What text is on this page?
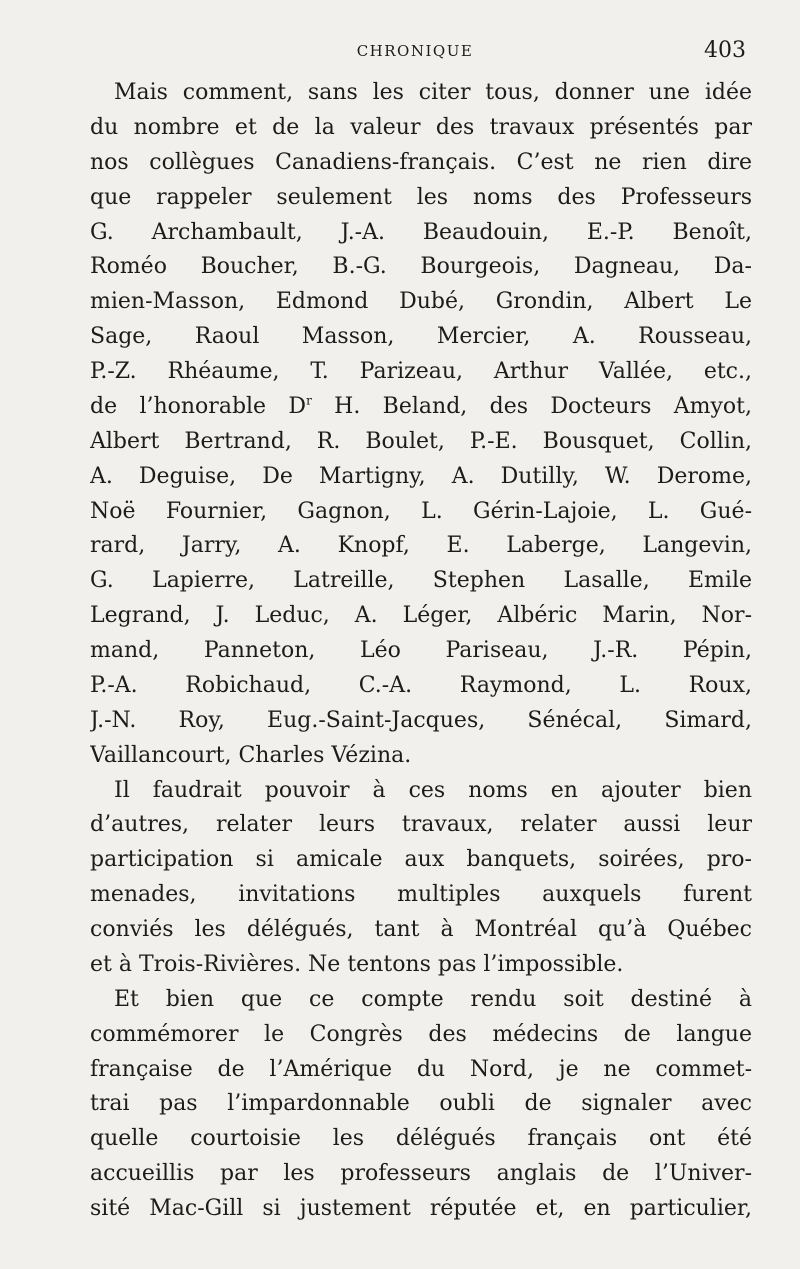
CHRONIQUE	403
Mais comment, sans les citer tous, donner une idée
du nombre et de la valeur des travaux présentés par
nos collègues Canadiens-français. C’est ne rien dire
que rappeler seulement les noms des Professeurs
G. Archambault, J.-A. Beaudouin, E.-P. Benoît,
Roméo Boucher, B.-G. Bourgeois, Dagneau, Da-
mien-Masson, Edmond Dubé, Grondin, Albert Le
Sage, Raoul Masson, Mercier, A. Rousseau,
P.-Z. Rhéaume, T. Parizeau, Arthur Vallée, etc.,
de l’honorable $D^r$ H. Beland, des Docteurs Amyot,
Albert Bertrand, R. Boulet, P.-E. Bousquet, Collin,
A. Deguise, De Martigny, A. Dutilly, W. Derome,
Noë Fournier, Gagnon, L. Gérin-Lajoie, L. Gué-
rard, Jarry, A. Knopf, E. Laberge, Langevin,
G. Lapierre, Latreille, Stephen Lasalle, Emile
Legrand, J. Leduc, A. Léger, Albéric Marin, Nor-
mand, Panneton, Léo Pariseau, J.-R. Pépin,
P.-A. Robichaud, C.-A. Raymond, L. Roux,
J.-N. Roy, Eug.-Saint-Jacques, Sénécal, Simard,
Vaillancourt, Charles Vézina.
Il faudrait pouvoir à ces noms en ajouter bien
d’autres, relater leurs travaux, relater aussi leur
participation si amicale aux banquets, soirées, pro-
menades, invitations multiples auxquels furent
conviés les délégués, tant à Montréal qu’à Québec
et à Trois-Rivières. Ne tentons pas l’impossible.
Et bien que ce compte rendu soit destiné à
commémorer le Congrès des médecins de langue
française de l’Amérique du Nord, je ne commet-
trai pas l’impardonnable oubli de signaler avec
quelle courtoisie les délégués français ont été
accueillis par les professeurs anglais de l’Univer-
sité Mac-Gill si justement réputée et, en particulier,
